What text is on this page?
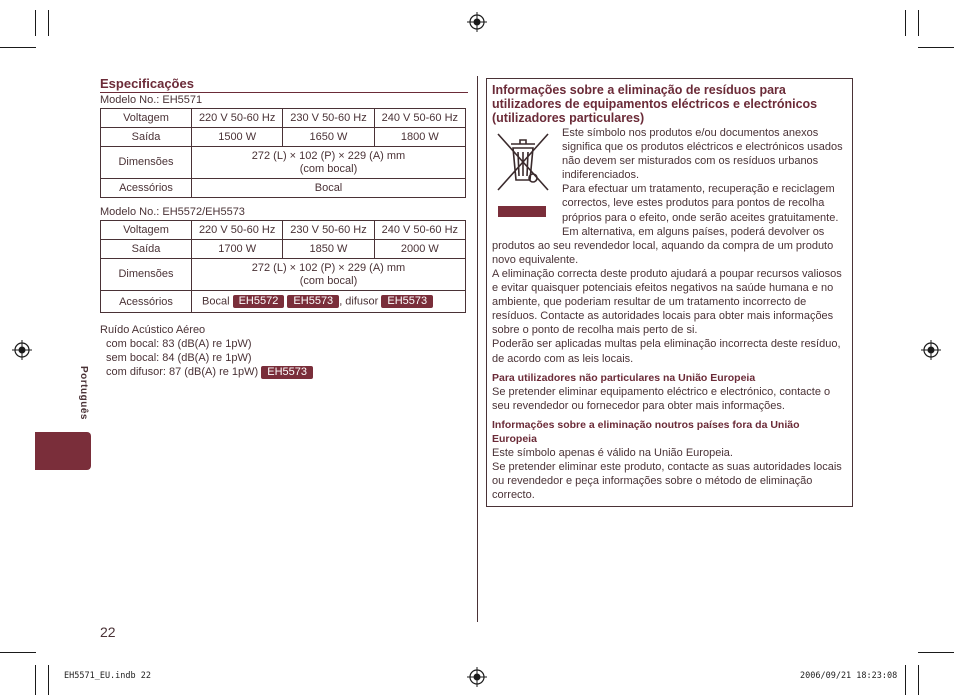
Português
Especificações
Modelo No.: EH5571
Voltagem	220 V 50-60 Hz	230 V 50-60 Hz	240 V 50-60 Hz
Saída	1500 W	1650 W	1800 W
Dimensões	272 (L) × 102 (P) × 229 (A) mm
(com bocal)		
Acessórios	Bocal		
Modelo No.: EH5572/EH5573
Voltagem	220 V 50-60 Hz	230 V 50-60 Hz	240 V 50-60 Hz
Saída	1700 W	1850 W	2000 W
Dimensões	272 (L) × 102 (P) × 229 (A) mm
(com bocal)		
Acessórios	Bocal EH5572 EH5573 , difusor EH5573		
Ruído Acústico Aéreo
com bocal: 83 (dB(A) re 1pW)
sem bocal: 84 (dB(A) re 1pW)
com difusor: 87 (dB(A) re 1pW) EH5573
Informações sobre a eliminação de resíduos para utilizadores de equipamentos eléctricos e electrónicos (utilizadores particulares)

Este símbolo nos produtos e/ou documentos anexos significa que os produtos eléctricos e electrónicos usados não devem ser misturados com os resíduos urbanos indiferenciados.

Para efectuar um tratamento, recuperação e reciclagem correctos, leve estes produtos para pontos de recolha próprios para o efeito, onde serão aceites gratuitamente. Em alternativa, em alguns países, poderá devolver os produtos ao seu revendedor local, aquando da compra de um produto novo equivalente.

A eliminação correcta deste produto ajudará a poupar recursos valiosos e evitar quaisquer potenciais efeitos negativos na saúde humana e no ambiente, que poderiam resultar de um tratamento incorrecto de resíduos. Contacte as autoridades locais para obter mais informações sobre o ponto de recolha mais perto de si.

Poderão ser aplicadas multas pela eliminação incorrecta deste resíduo, de acordo com as leis locais.

Para utilizadores não particulares na União Europeia
Se pretender eliminar equipamento eléctrico e electrónico, contacte o seu revendedor ou fornecedor para obter mais informações.
Informações sobre a eliminação noutros países fora da União Europeia
Este símbolo apenas é válido na União Europeia.
Se pretender eliminar este produto, contacte as suas autoridades locais ou revendedor e peça informações sobre o método de eliminação correcto.
22
EH5571_EU.indb 22	2006/09/21 18:23:08
